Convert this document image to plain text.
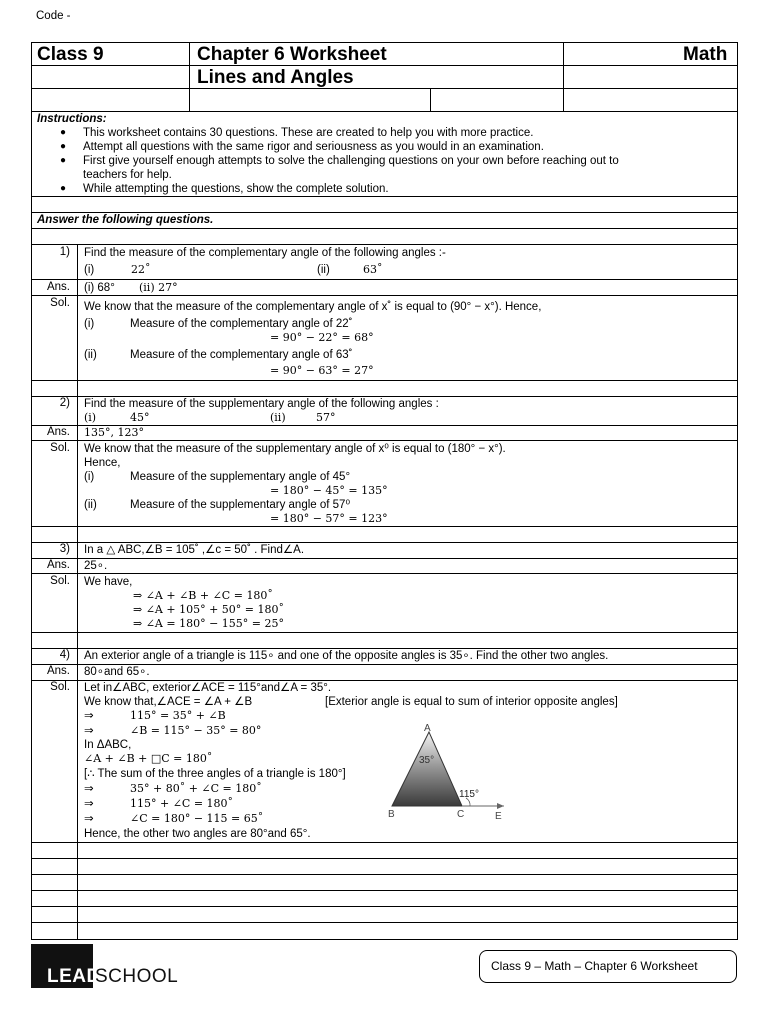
Code -
Class 9	Chapter 6 Worksheet	Math
Lines and Angles
Instructions:
● This worksheet contains 30 questions. These are created to help you with more practice.
● Attempt all questions with the same rigor and seriousness as you would in an examination.
● First give yourself enough attempts to solve the challenging questions on your own before reaching out to
teachers for help.
● While attempting the questions, show the complete solution.
Answer the following questions.
1) Find the measure of the complementary angle of the following angles :-
(i)	22˚	(ii)	63˚
Ans. (i) 68° (ii) 27°
Sol. We know that the measure of the complementary angle of x˚ is equal to (90° − x°). Hence,
(i)	Measure of the complementary angle of 22˚
= 90° − 22° = 68°
(ii)	Measure of the complementary angle of 63˚
= 90° − 63° = 27°
2) Find the measure of the supplementary angle of the following angles :
(i)	45°	(ii)	57°
Ans. 135°, 123°
Sol. We know that the measure of the supplementary angle of x⁰ is equal to (180° − x°).
Hence,
(i)	Measure of the supplementary angle of 45°
= 180° − 45° = 135°
(ii)	Measure of the supplementary angle of 57⁰
= 180° − 57° = 123°
3) In a △ ABC,∠B = 105˚ ,∠c = 50˚ . Find∠A.
Ans. 25∘.
Sol. We have,
⇒ ∠A + ∠B + ∠C = 180˚
⇒ ∠A + 105° + 50° = 180˚
⇒ ∠A = 180° − 155° = 25°
4) An exterior angle of a triangle is 115∘ and one of the opposite angles is 35∘. Find the other two angles.
Ans. 80∘and 65∘.
Sol. Let in∠ABC, exterior∠ACE = 115°and∠A = 35°.
We know that,∠ACE = ∠A + ∠B	[Exterior angle is equal to sum of interior opposite angles]
⇒	115° = 35° + ∠B
⇒	∠B = 115° − 35° = 80°
In ΔABC,
∠A + ∠B + □C = 180˚
[∴ The sum of the three angles of a triangle is 180°]
⇒	35° + 80˚ + ∠C = 180˚
⇒	115° + ∠C = 180˚
⇒	∠C = 180° − 115 = 65˚
Hence, the other two angles are 80°and 65°.
A
35°
115°
B	C	E
LEAD
SCHOOL	Class 9 – Math – Chapter 6 Worksheet
